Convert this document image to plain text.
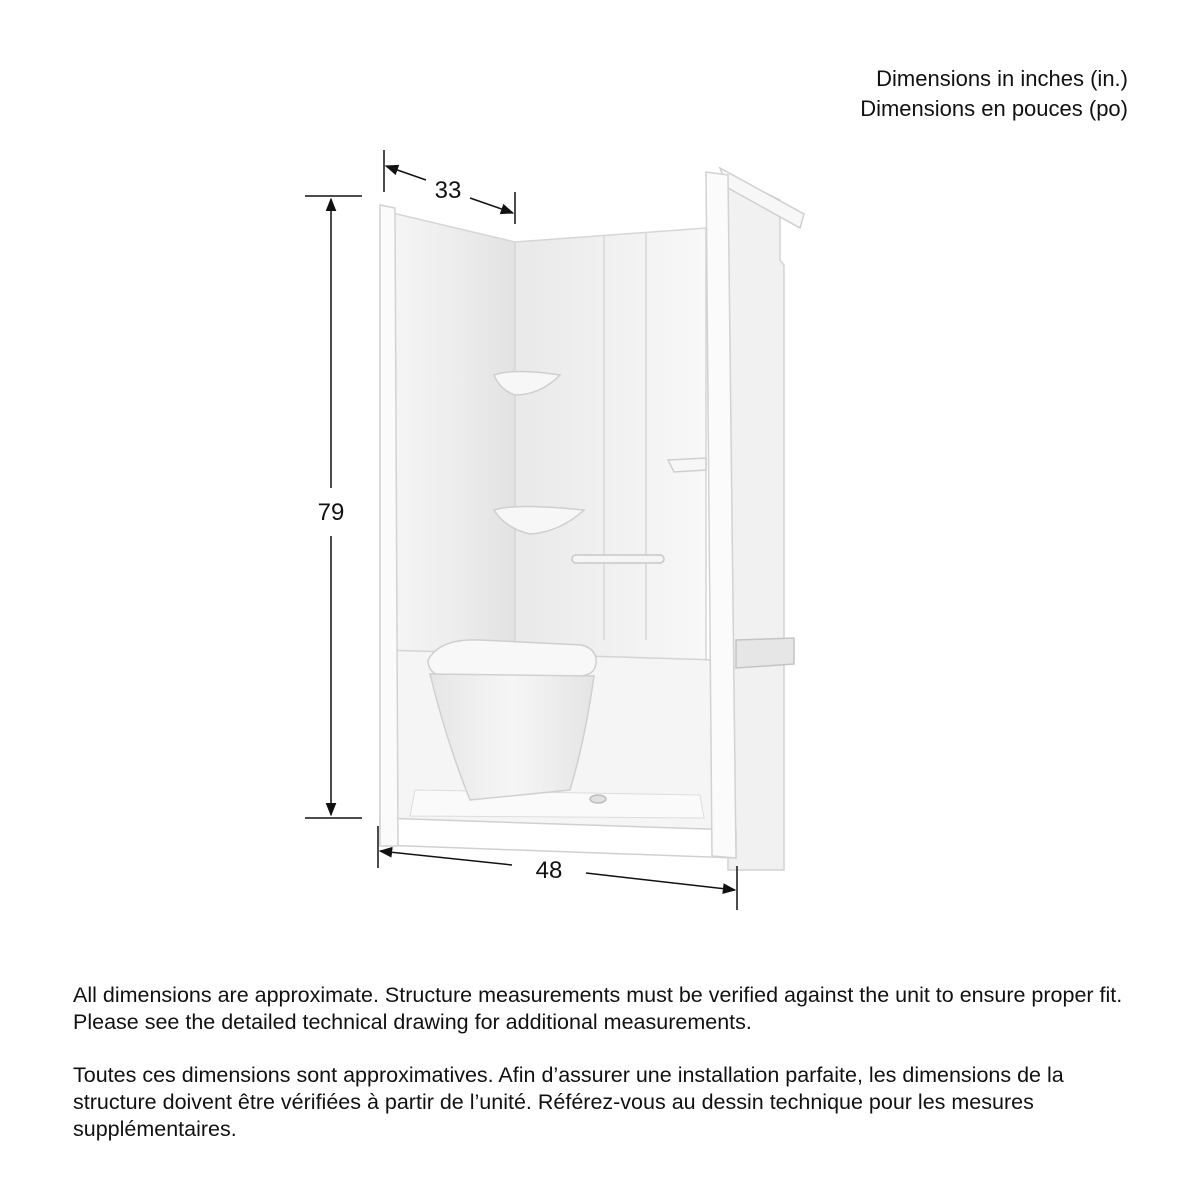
Dimensions in inches (in.)
Dimensions en pouces (po)
33
79
48

All dimensions are approximate. Structure measurements must be verified against the unit to ensure proper fit. Please see the detailed technical drawing for additional measurements.

Toutes ces dimensions sont approximatives. Afin d’assurer une installation parfaite, les dimensions de la structure doivent être vérifiées à partir de l’unité. Référez-vous au dessin technique pour les mesures supplémentaires.
